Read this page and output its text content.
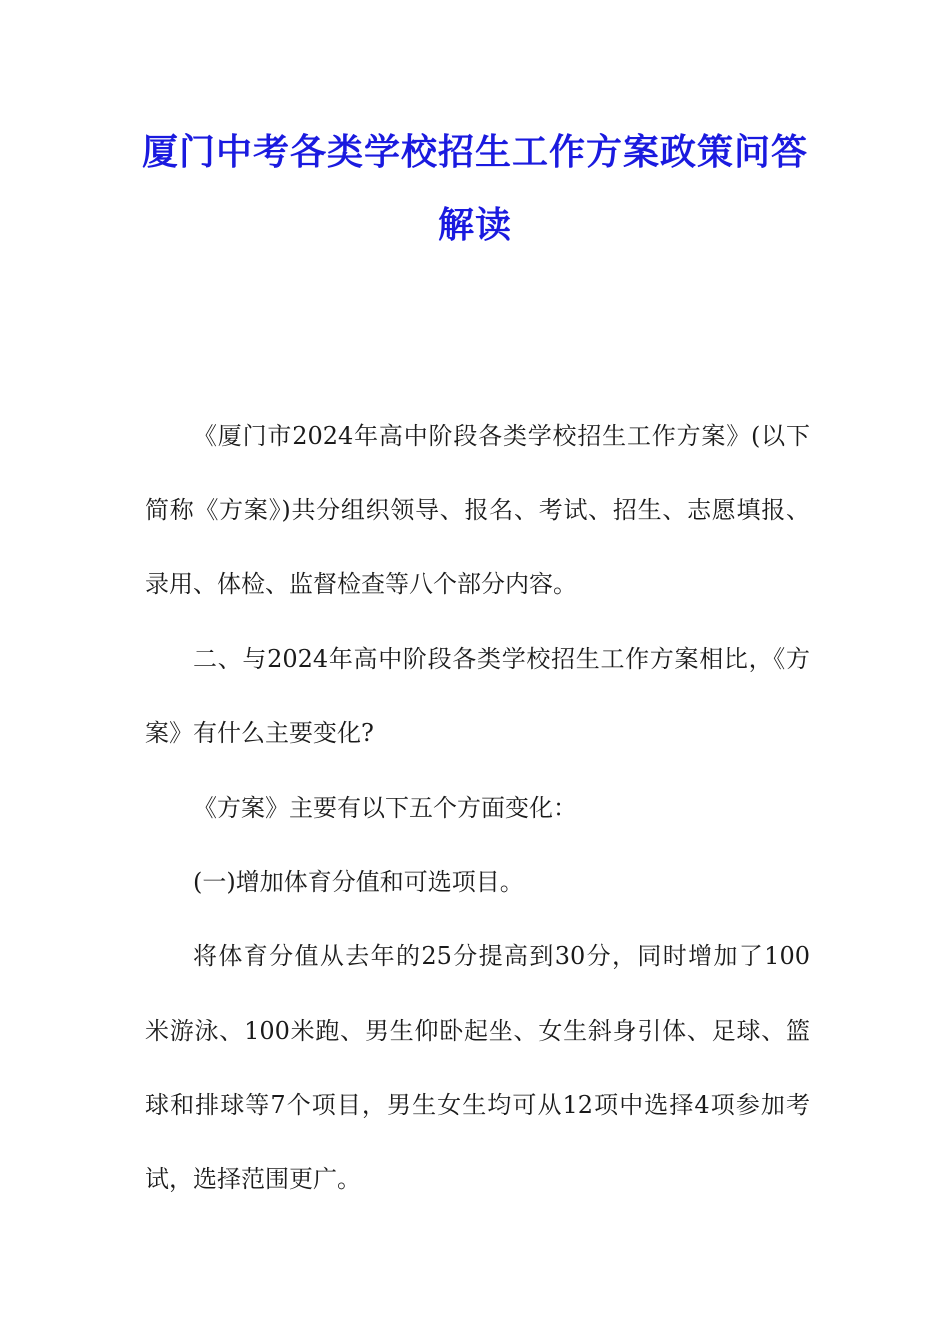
厦门中考各类学校招生工作方案政策问答
解读
《厦门市2024年高中阶段各类学校招生工作方案》(以下
简称《方案》)共分组织领导、报名、考试、招生、志愿填报、
录用、体检、监督检查等八个部分内容。
二、与2024年高中阶段各类学校招生工作方案相比，《方
案》有什么主要变化?
《方案》主要有以下五个方面变化：
(一)增加体育分值和可选项目。
将体育分值从去年的25分提高到30分，同时增加了100
米游泳、100米跑、男生仰卧起坐、女生斜身引体、足球、篮
球和排球等7个项目，男生女生均可从12项中选择4项参加考
试，选择范围更广。
